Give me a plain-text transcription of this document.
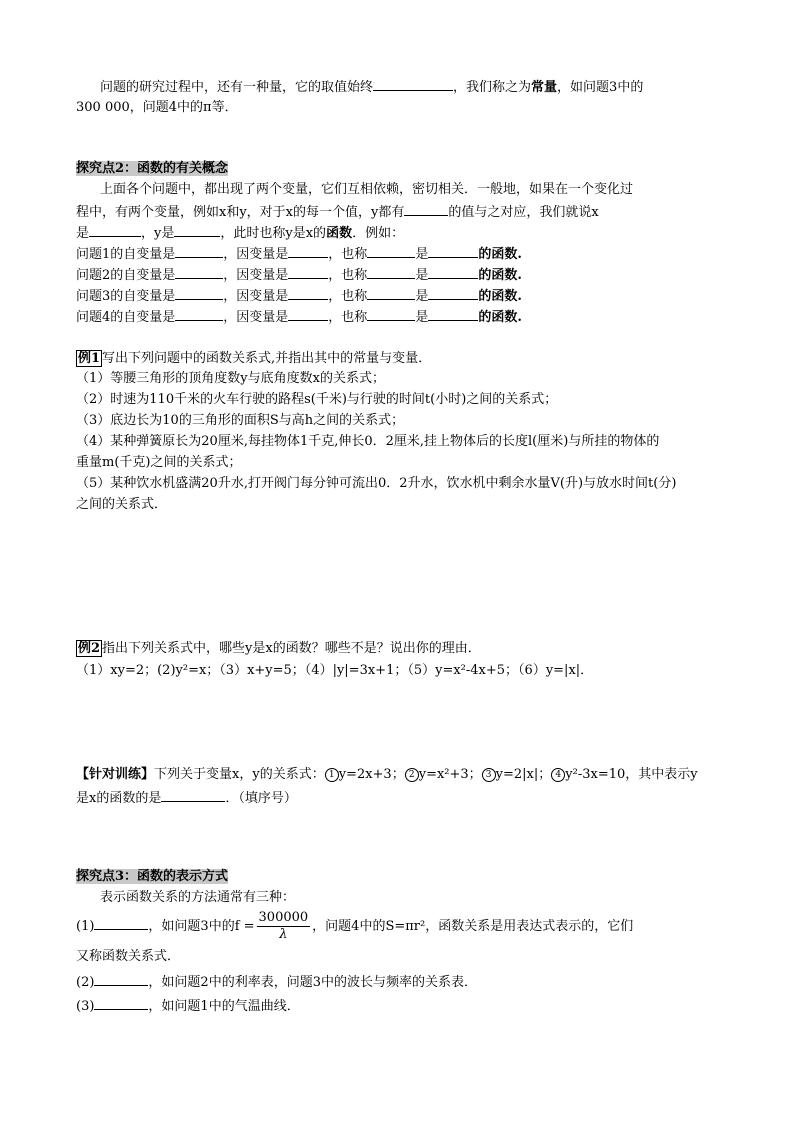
问题的研究过程中，还有一种量，它的取值始终	，我们称之为常量，如问题3中的
300 000，问题4中的π等．
探究点2：函数的有关概念
上面各个问题中，都出现了两个变量，它们互相依赖，密切相关．一般地，如果在一个变化过
程中，有两个变量，例如x和y，对于x的每一个值，y都有	的值与之对应，我们就说x
是	，y是	，此时也称y是x的函数．例如：
问题1的自变量是	，因变量是	，也称	是	的函数.
问题2的自变量是	，因变量是	，也称	是	的函数.
问题3的自变量是	，因变量是	，也称	是	的函数.
问题4的自变量是	，因变量是	，也称	是	的函数.
例1 写出下列问题中的函数关系式,并指出其中的常量与变量．
（1）等腰三角形的顶角度数y与底角度数x的关系式；
（2）时速为110千米的火车行驶的路程s(千米)与行驶的时间t(小时)之间的关系式；
（3）底边长为10的三角形的面积S与高h之间的关系式；
（4）某种弹簧原长为20厘米,每挂物体1千克,伸长0．2厘米,挂上物体后的长度l(厘米)与所挂的物体的
重量m(千克)之间的关系式；
（5）某种饮水机盛满20升水,打开阀门每分钟可流出0．2升水，饮水机中剩余水量V(升)与放水时间t(分)
之间的关系式．
例2 指出下列关系式中，哪些y是x的函数？哪些不是？说出你的理由．
（1）xy=2；(2)y²=x；（3）x+y=5；（4）|y|=3x+1；（5）y=x²-4x+5；（6）y=|x|．
【针对训练】下列关于变量x，y的关系式： 1 y=2x+3； 2 y=x²+3； 3 y=2|x|； 4 y²-3x=10，其中表示y
是x的函数的是	．（填序号）
探究点3：函数的表示方式
表示函数关系的方法通常有三种：
(1)	，如问题3中的$f = \frac{300000}{\lambda}$ ，问题4中的S=πr²，函数关系是用表达式表示的，它们
又称函数关系式．
(2)	，如问题2中的利率表，问题3中的波长与频率的关系表．
(3)	，如问题1中的气温曲线．
